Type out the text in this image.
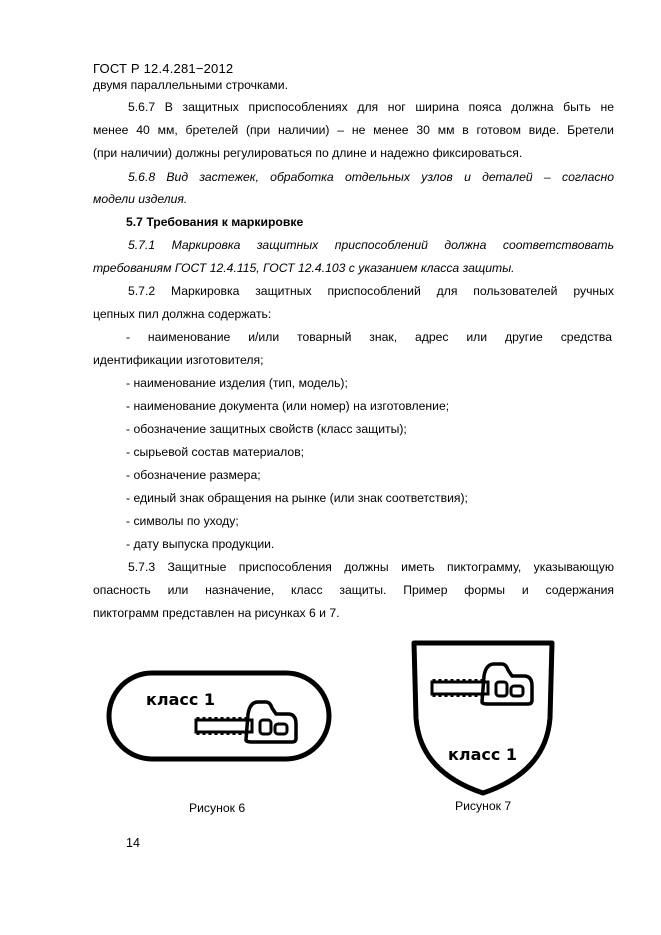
ГОСТ Р 12.4.281−2012
двумя параллельными строчками.
5.6.7 В защитных приспособлениях для ног ширина пояса должна быть не
менее 40 мм, бретелей (при наличии) – не менее 30 мм в готовом виде. Бретели
(при наличии) должны регулироваться по длине и надежно фиксироваться.
5.6.8 Вид застежек, обработка отдельных узлов и деталей – согласно
модели изделия.
5.7 Требования к маркировке
5.7.1 Маркировка защитных приспособлений должна соответствовать
требованиям ГОСТ 12.4.115, ГОСТ 12.4.103 с указанием класса защиты.
5.7.2 Маркировка защитных приспособлений для пользователей ручных
цепных пил должна содержать:
- наименование и/или товарный знак, адрес или другие средства
идентификации изготовителя;
- наименование изделия (тип, модель);
- наименование документа (или номер) на изготовление;
- обозначение защитных свойств (класс защиты);
- сырьевой состав материалов;
- обозначение размера;
- единый знак обращения на рынке (или знак соответствия);
- символы по уходу;
- дату выпуска продукции.
5.7.3 Защитные приспособления должны иметь пиктограмму, указывающую
опасность или назначение, класс защиты. Пример формы и содержания
пиктограмм представлен на рисунках 6 и 7.
класс 1
класс 1
Рисунок 6	Рисунок 7
14
